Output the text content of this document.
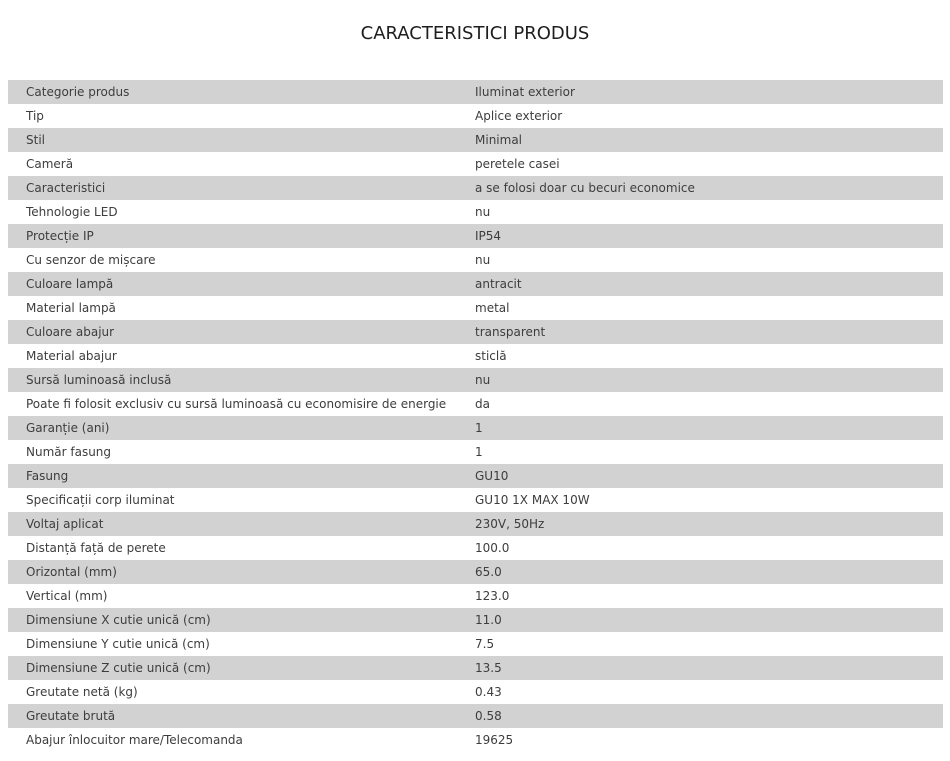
CARACTERISTICI PRODUS
Categorie produs	Iluminat exterior
Tip	Aplice exterior
Stil	Minimal
Cameră	peretele casei
Caracteristici	a se folosi doar cu becuri economice
Tehnologie LED	nu
Protecție IP	IP54
Cu senzor de mișcare	nu
Culoare lampă	antracit
Material lampă	metal
Culoare abajur	transparent
Material abajur	sticlă
Sursă luminoasă inclusă	nu
Poate fi folosit exclusiv cu sursă luminoasă cu economisire de energie	da
Garanție (ani)	1
Număr fasung	1
Fasung	GU10
Specificații corp iluminat	GU10 1X MAX 10W
Voltaj aplicat	230V, 50Hz
Distanță față de perete	100.0
Orizontal (mm)	65.0
Vertical (mm)	123.0
Dimensiune X cutie unică (cm)	11.0
Dimensiune Y cutie unică (cm)	7.5
Dimensiune Z cutie unică (cm)	13.5
Greutate netă (kg)	0.43
Greutate brută	0.58
Abajur înlocuitor mare/Telecomanda	19625
